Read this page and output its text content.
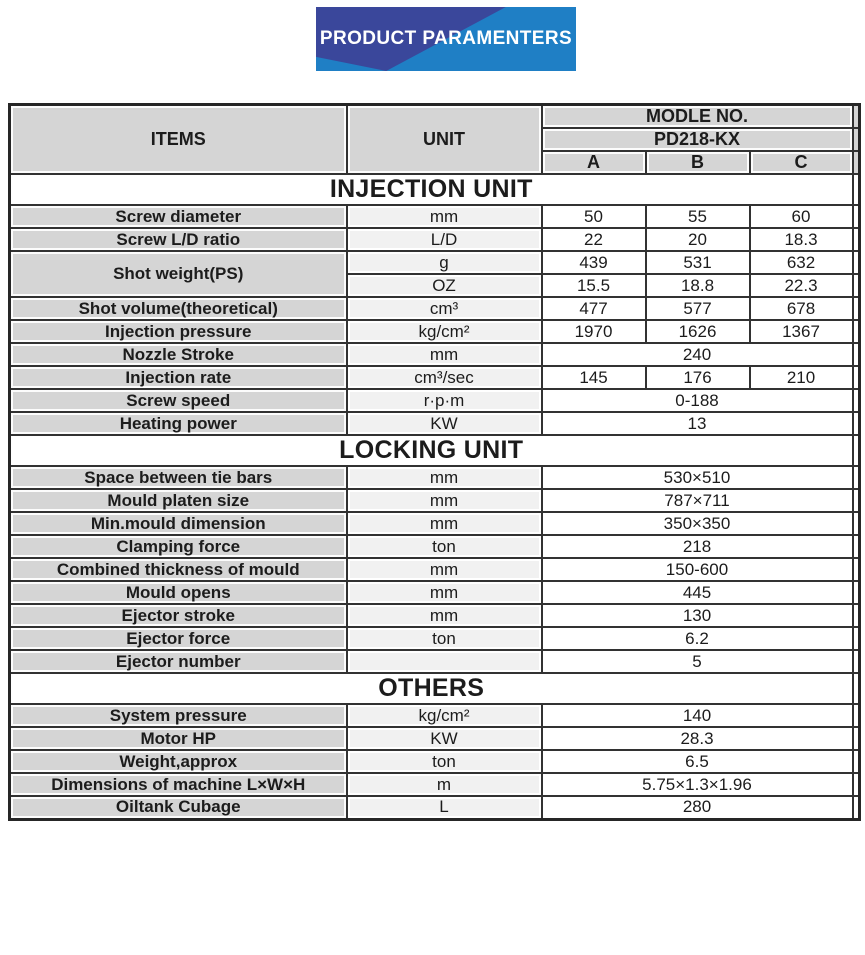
PRODUCT PARAMENTERS
ITEMS	UNIT	MODLE NO.			
		PD218-KX			
		A	B	C	
INJECTION UNIT					
Screw diameter	mm	50	55	60	
Screw L/D ratio	L/D	22	20	18.3	
Shot weight(PS)	g	439	531	632	
	OZ	15.5	18.8	22.3	
Shot volume(theoretical)	cm³	477	577	678	
Injection pressure	kg/cm²	1970	1626	1367	
Nozzle Stroke	mm	240			
Injection rate	cm³/sec	145	176	210	
Screw speed	r·p·m	0-188			
Heating power	KW	13			
LOCKING UNIT					
Space between tie bars	mm	530×510			
Mould platen size	mm	787×711			
Min.mould dimension	mm	350×350			
Clamping force	ton	218			
Combined thickness of mould	mm	150-600			
Mould opens	mm	445			
Ejector stroke	mm	130			
Ejector force	ton	6.2			
Ejector number		5			
OTHERS					
System pressure	kg/cm²	140			
Motor HP	KW	28.3			
Weight,approx	ton	6.5			
Dimensions of machine L×W×H	m	5.75×1.3×1.96			
Oiltank Cubage	L	280			
